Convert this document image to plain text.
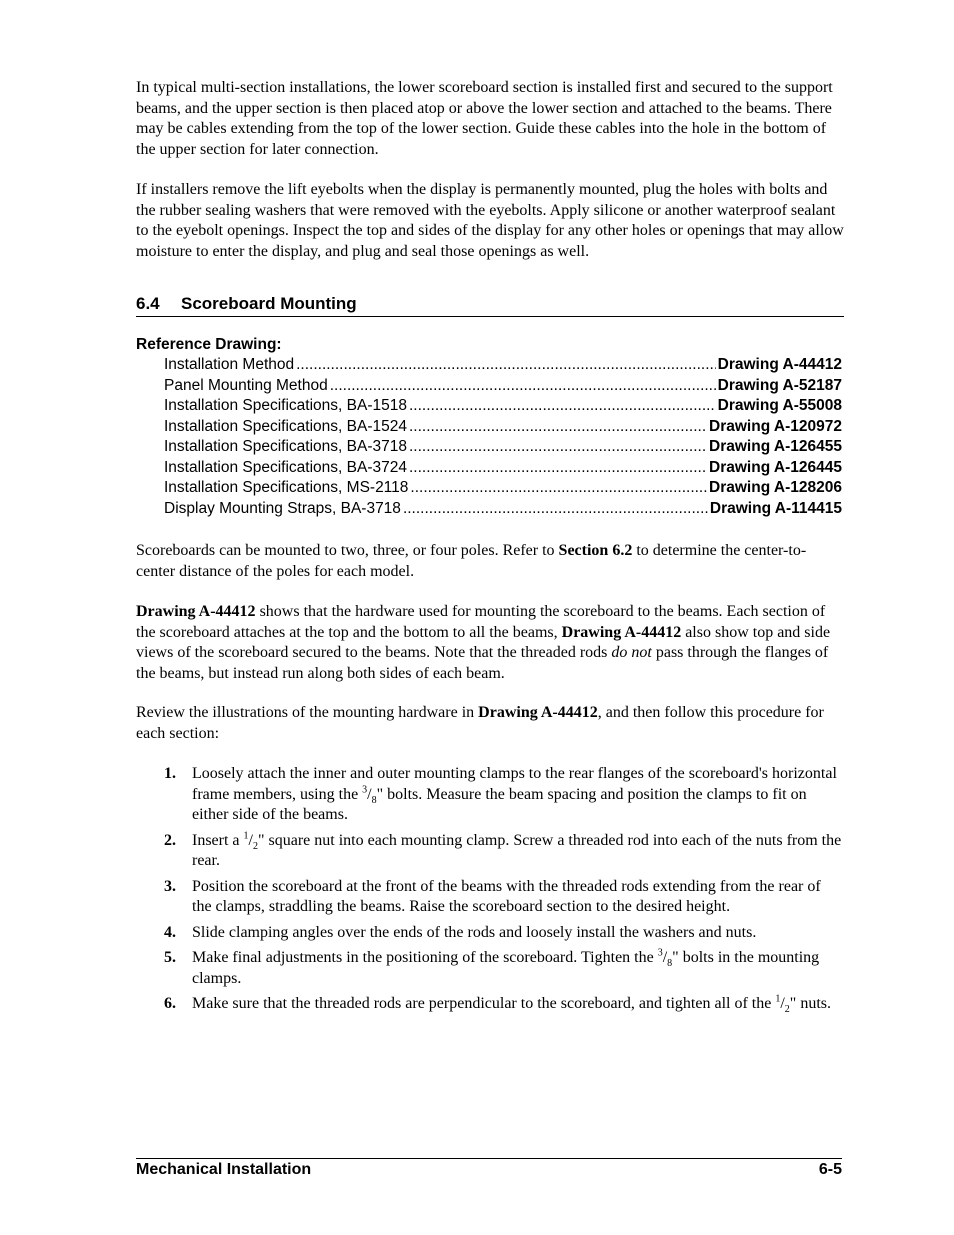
In typical multi-section installations, the lower scoreboard section is installed first and secured to the support beams, and the upper section is then placed atop or above the lower section and attached to the beams. There may be cables extending from the top of the lower section. Guide these cables into the hole in the bottom of the upper section for later connection.

If installers remove the lift eyebolts when the display is permanently mounted, plug the holes with bolts and the rubber sealing washers that were removed with the eyebolts. Apply silicone or another waterproof sealant to the eyebolt openings. Inspect the top and sides of the display for any other holes or openings that may allow moisture to enter the display, and plug and seal those openings as well.

6.4 Scoreboard Mounting
Reference Drawing:
Installation Method .....	Drawing A-44412
Panel Mounting Method .....	Drawing A-52187
Installation Specifications, BA-1518 .....	Drawing A-55008
Installation Specifications, BA-1524 .....	Drawing A-120972
Installation Specifications, BA-3718 .....	Drawing A-126455
Installation Specifications, BA-3724 .....	Drawing A-126445
Installation Specifications, MS-2118 .....	Drawing A-128206
Display Mounting Straps, BA-3718 .....	Drawing A-114415

Scoreboards can be mounted to two, three, or four poles. Refer to Section 6.2 to determine the center-to-center distance of the poles for each model.

Drawing A-44412 shows that the hardware used for mounting the scoreboard to the beams. Each section of the scoreboard attaches at the top and the bottom to all the beams, Drawing A-44412 also show top and side views of the scoreboard secured to the beams. Note that the threaded rods do not pass through the flanges of the beams, but instead run along both sides of each beam.

Review the illustrations of the mounting hardware in Drawing A-44412, and then follow this procedure for each section:

1.	Loosely attach the inner and outer mounting clamps to the rear flanges of the scoreboard's horizontal frame members, using the $^3/_8$" bolts. Measure the beam spacing and position the clamps to fit on either side of the beams.
2.	Insert a $^1/_2$" square nut into each mounting clamp. Screw a threaded rod into each of the nuts from the rear.
3.	Position the scoreboard at the front of the beams with the threaded rods extending from the rear of the clamps, straddling the beams. Raise the scoreboard section to the desired height.
4.	Slide clamping angles over the ends of the rods and loosely install the washers and nuts.
5.	Make final adjustments in the positioning of the scoreboard. Tighten the $^3/_8$" bolts in the mounting clamps.
6.	Make sure that the threaded rods are perpendicular to the scoreboard, and tighten all of the $^1/_2$" nuts.
Mechanical Installation	6-5
